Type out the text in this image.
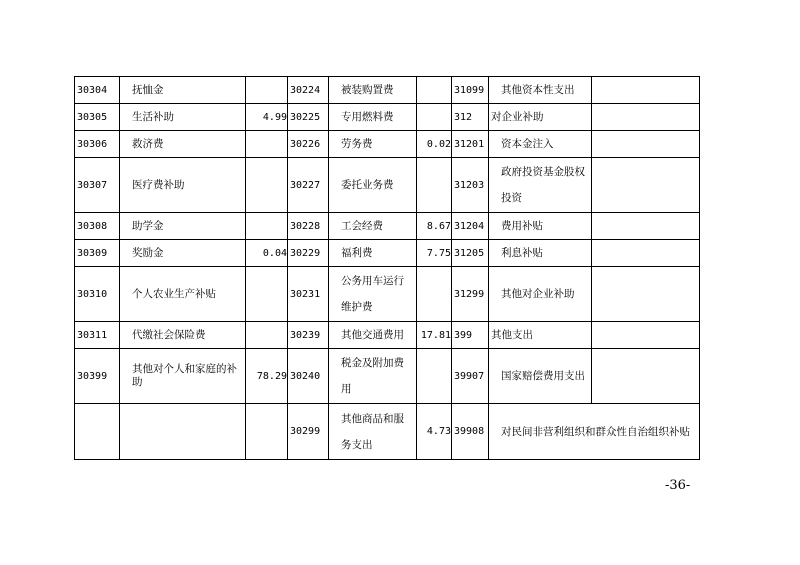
30304	抚恤金		30224	被装购置费		31099	其他资本性支出	
30305	生活补助	4.99	30225	专用燃料费		312	对企业补助	
30306	救济费		30226	劳务费	0.02	31201	资本金注入	
30307	医疗费补助		30227	委托业务费		31203	政府投资基金股权投资	
30308	助学金		30228	工会经费	8.67	31204	费用补贴	
30309	奖励金	0.04	30229	福利费	7.75	31205	利息补贴	
30310	个人农业生产补贴		30231	公务用车运行维护费		31299	其他对企业补助	
30311	代缴社会保险费		30239	其他交通费用	17.81	399	其他支出	
30399	其他对个人和家庭的补助	78.29	30240	税金及附加费用		39907	国家赔偿费用支出	
			30299	其他商品和服务支出	4.73	39908	对民间非营利组织和群众性自治组织补贴	
-36-
